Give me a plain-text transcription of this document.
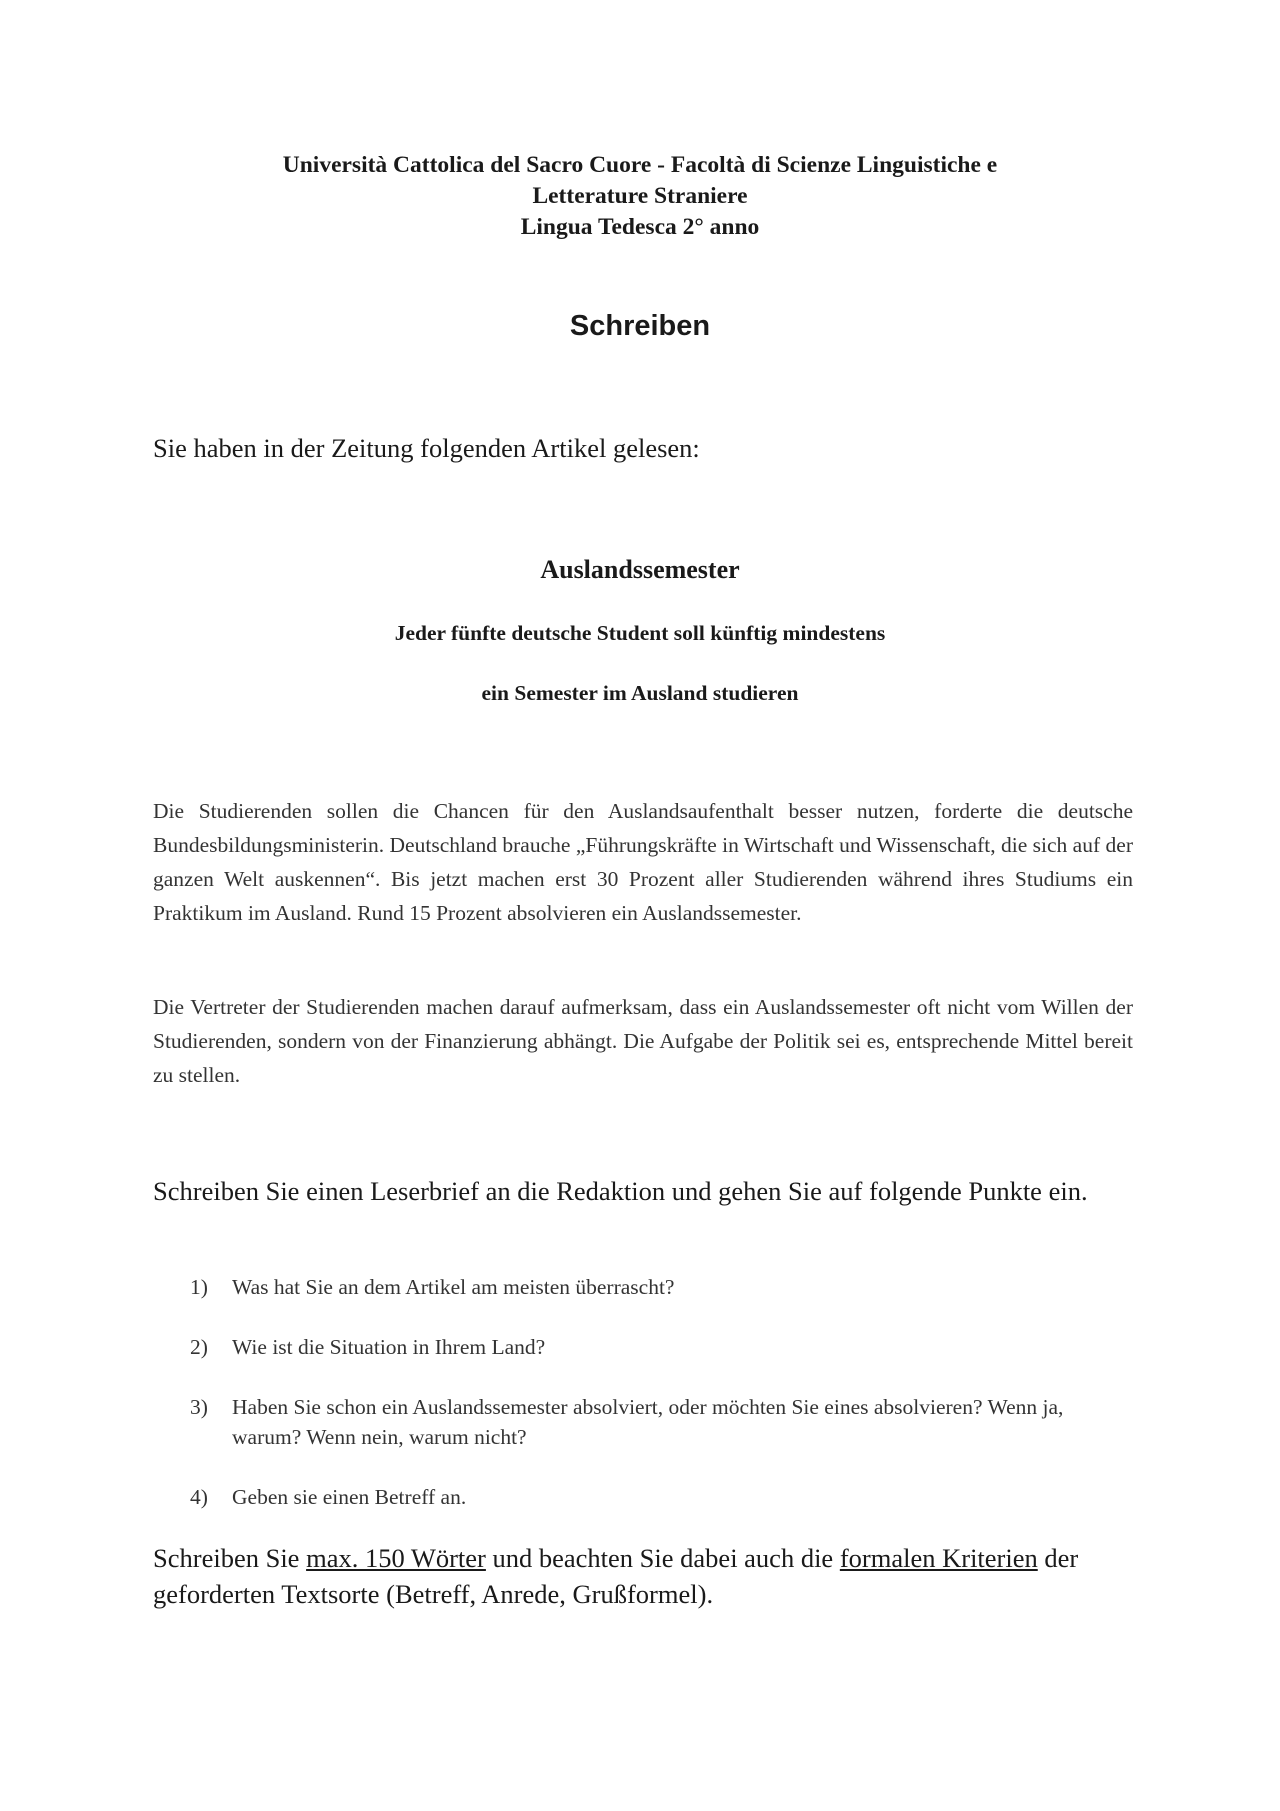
Università Cattolica del Sacro Cuore - Facoltà di Scienze Linguistiche e
Letterature Straniere
Lingua Tedesca 2° anno
Schreiben
Sie haben in der Zeitung folgenden Artikel gelesen:
Auslandssemester
Jeder fünfte deutsche Student soll künftig mindestens
ein Semester im Ausland studieren
Die Studierenden sollen die Chancen für den Auslandsaufenthalt besser nutzen, forderte die deutsche Bundesbildungsministerin. Deutschland brauche „Führungskräfte in Wirtschaft und Wissenschaft, die sich auf der ganzen Welt auskennen“. Bis jetzt machen erst 30 Prozent aller Studierenden während ihres Studiums ein Praktikum im Ausland. Rund 15 Prozent absolvieren ein Auslandssemester.
Die Vertreter der Studierenden machen darauf aufmerksam, dass ein Auslandssemester oft nicht vom Willen der Studierenden, sondern von der Finanzierung abhängt. Die Aufgabe der Politik sei es, entsprechende Mittel bereit zu stellen.
Schreiben Sie einen Leserbrief an die Redaktion und gehen Sie auf folgende Punkte ein.
1) Was hat Sie an dem Artikel am meisten überrascht?
2) Wie ist die Situation in Ihrem Land?
3) Haben Sie schon ein Auslandssemester absolviert, oder möchten Sie eines absolvieren? Wenn ja, warum? Wenn nein, warum nicht?
4) Geben sie einen Betreff an.
Schreiben Sie max. 150 Wörter und beachten Sie dabei auch die formalen Kriterien der geforderten Textsorte (Betreff, Anrede, Grußformel).
